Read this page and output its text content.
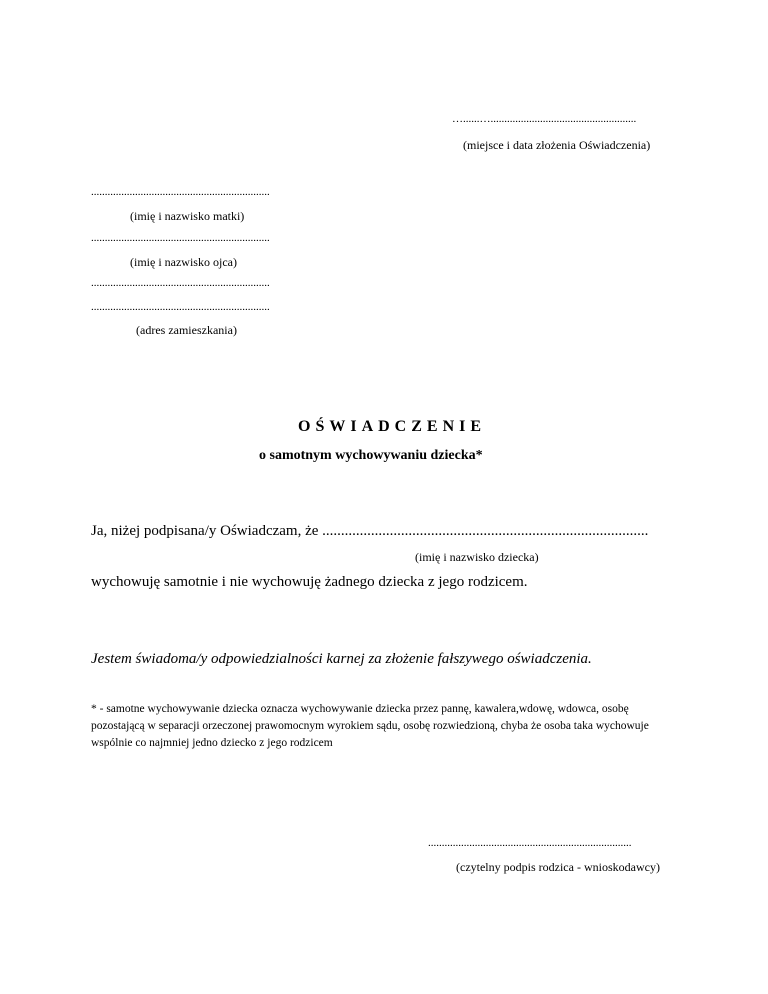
…......….....................................................
(miejsce i data złożenia Oświadczenia)
.................................................................
(imię i nazwisko matki)
.................................................................
(imię i nazwisko ojca)
.................................................................
.................................................................
(adres zamieszkania)
OŚWIADCZENIE
o samotnym wychowywaniu dziecka*
Ja, niżej podpisana/y Oświadczam, że .......................................................................................
(imię i nazwisko dziecka)
wychowuję samotnie i nie wychowuję żadnego dziecka z jego rodzicem.
Jestem świadoma/y odpowiedzialności karnej za złożenie fałszywego oświadczenia.
* - samotne wychowywanie dziecka oznacza wychowywanie dziecka przez pannę, kawalera,wdowę, wdowca, osobę pozostającą w separacji orzeczonej prawomocnym wyrokiem sądu, osobę rozwiedzioną, chyba że osoba taka wychowuje wspólnie co najmniej jedno dziecko z jego rodzicem
..........................................................................
(czytelny podpis rodzica - wnioskodawcy)
